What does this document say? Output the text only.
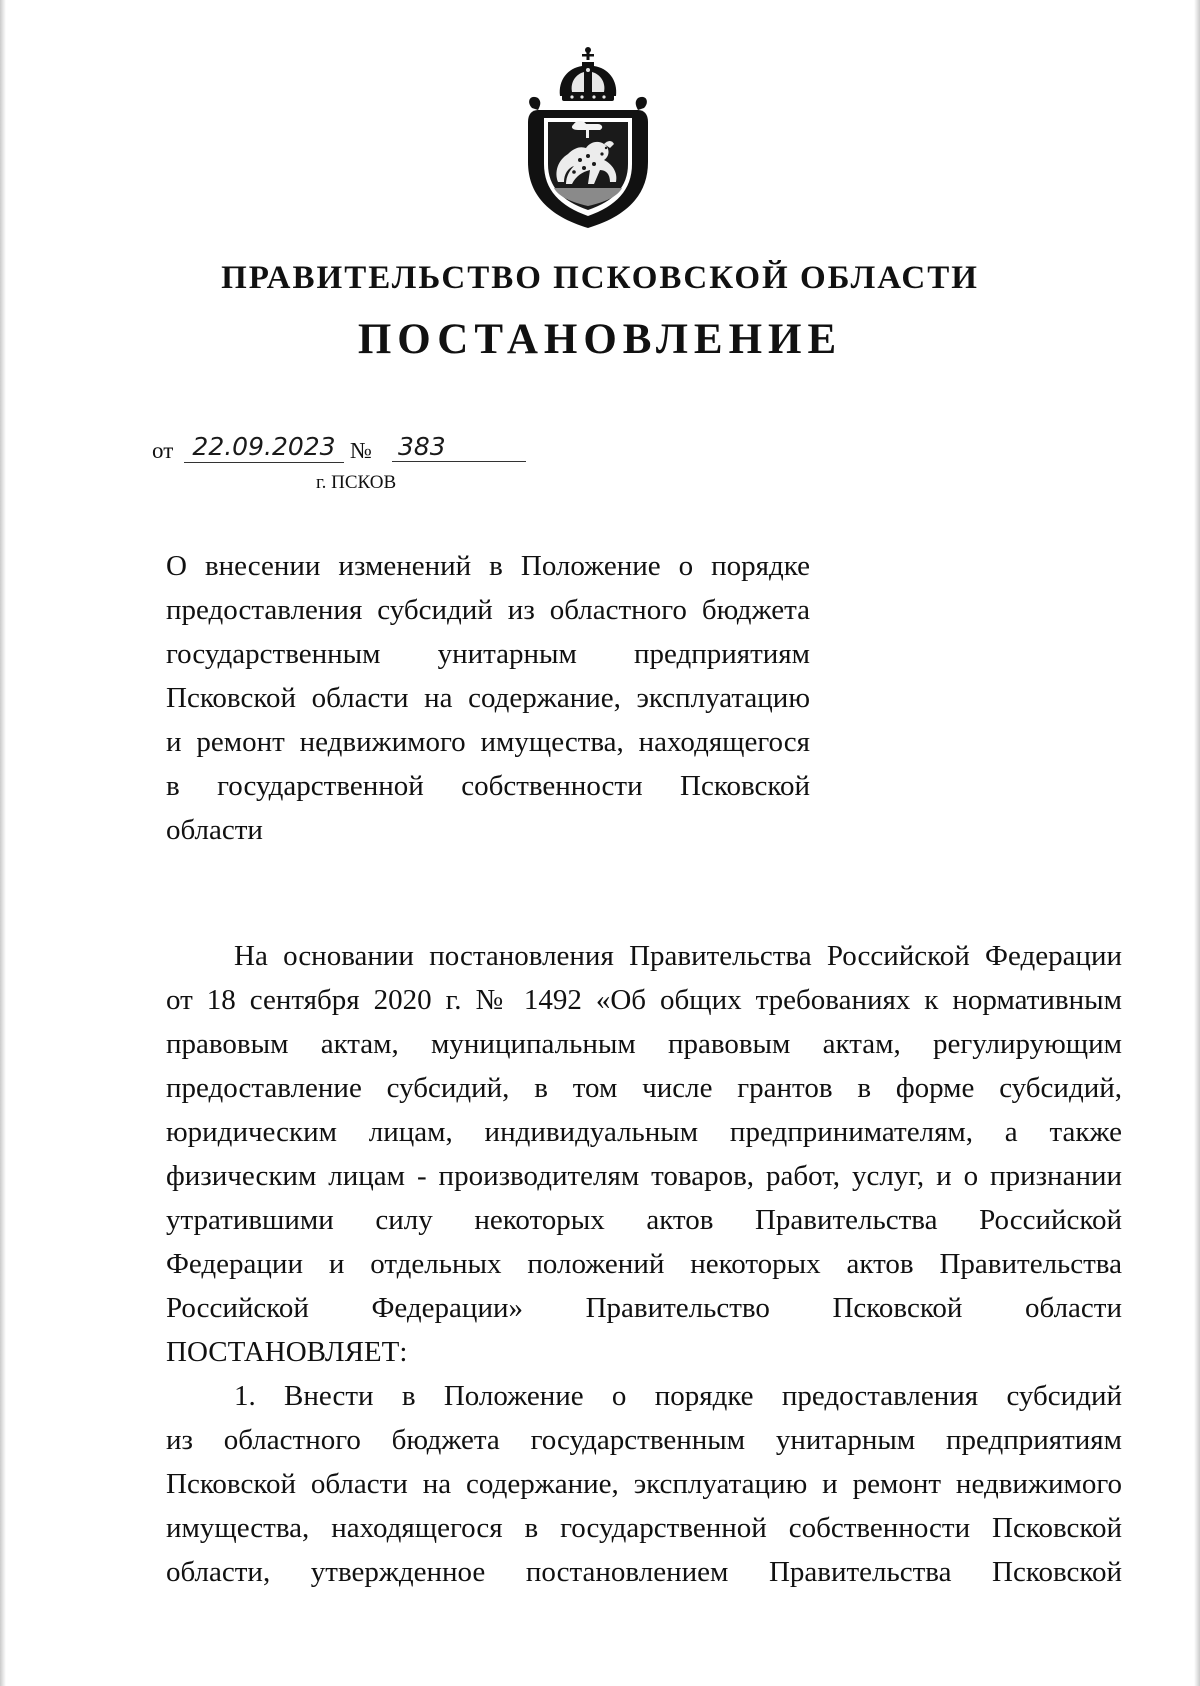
ПРАВИТЕЛЬСТВО ПСКОВСКОЙ ОБЛАСТИ
ПОСТАНОВЛЕНИЕ
от 22.09.2023 № 383
г. ПСКОВ
О внесении изменений в Положение о порядке
предоставления субсидий из областного бюджета
государственным унитарным предприятиям
Псковской области на содержание, эксплуатацию
и ремонт недвижимого имущества, находящегося
в государственной собственности Псковской
области
На основании постановления Правительства Российской Федерации
от 18 сентября 2020 г. № 1492 «Об общих требованиях к нормативным
правовым актам, муниципальным правовым актам, регулирующим
предоставление субсидий, в том числе грантов в форме субсидий,
юридическим лицам, индивидуальным предпринимателям, а также
физическим лицам - производителям товаров, работ, услуг, и о признании
утратившими силу некоторых актов Правительства Российской
Федерации и отдельных положений некоторых актов Правительства
Российской Федерации» Правительство Псковской области
ПОСТАНОВЛЯЕТ:
1. Внести в Положение о порядке предоставления субсидий
из областного бюджета государственным унитарным предприятиям
Псковской области на содержание, эксплуатацию и ремонт недвижимого
имущества, находящегося в государственной собственности Псковской
области, утвержденное постановлением Правительства Псковской
